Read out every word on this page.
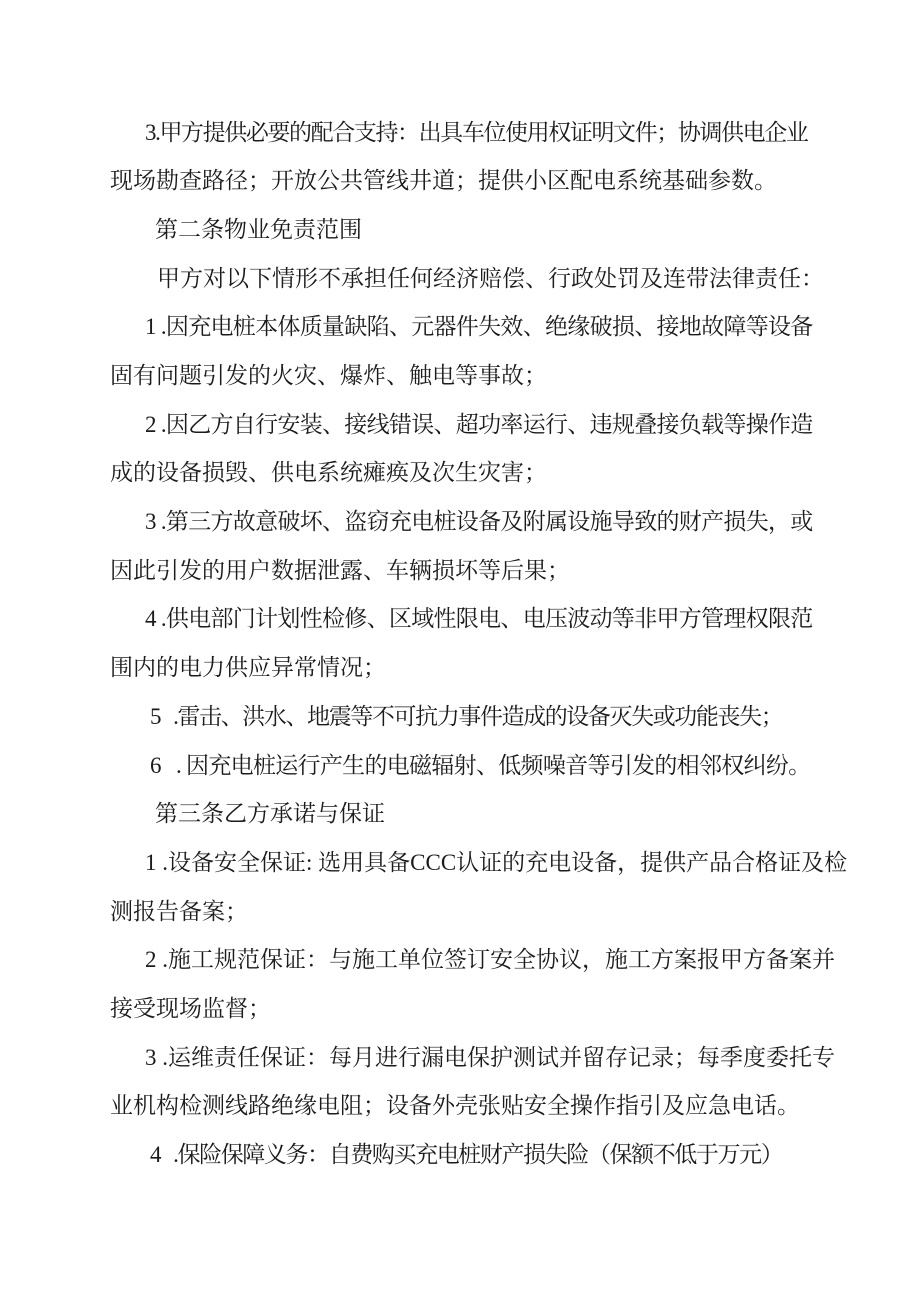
3.甲方提供必要的配合支持：出具车位使用权证明文件；协调供电企业
现场勘查路径；开放公共管线井道；提供小区配电系统基础参数。
第二条物业免责范围
甲方对以下情形不承担任何经济赔偿、行政处罚及连带法律责任：
1 .因充电桩本体质量缺陷、元器件失效、绝缘破损、接地故障等设备
固有问题引发的火灾、爆炸、触电等事故；
2 .因乙方自行安装、接线错误、超功率运行、违规叠接负载等操作造
成的设备损毁、供电系统瘫痪及次生灾害；
3 .第三方故意破坏、盗窃充电桩设备及附属设施导致的财产损失，或
因此引发的用户数据泄露、车辆损坏等后果；
4 .供电部门计划性检修、区域性限电、电压波动等非甲方管理权限范
围内的电力供应异常情况；
5   .雷击、洪水、地震等不可抗力事件造成的设备灭失或功能丧失；
6   . 因充电桩运行产生的电磁辐射、低频噪音等引发的相邻权纠纷。
第三条乙方承诺与保证
1 .设备安全保证: 选用具备CCC认证的充电设备，提供产品合格证及检
测报告备案；
2 .施工规范保证：与施工单位签订安全协议，施工方案报甲方备案并
接受现场监督；
3 .运维责任保证：每月进行漏电保护测试并留存记录；每季度委托专
业机构检测线路绝缘电阻；设备外壳张贴安全操作指引及应急电话。
4   .保险保障义务：自费购买充电桩财产损失险（保额不低于万元）
